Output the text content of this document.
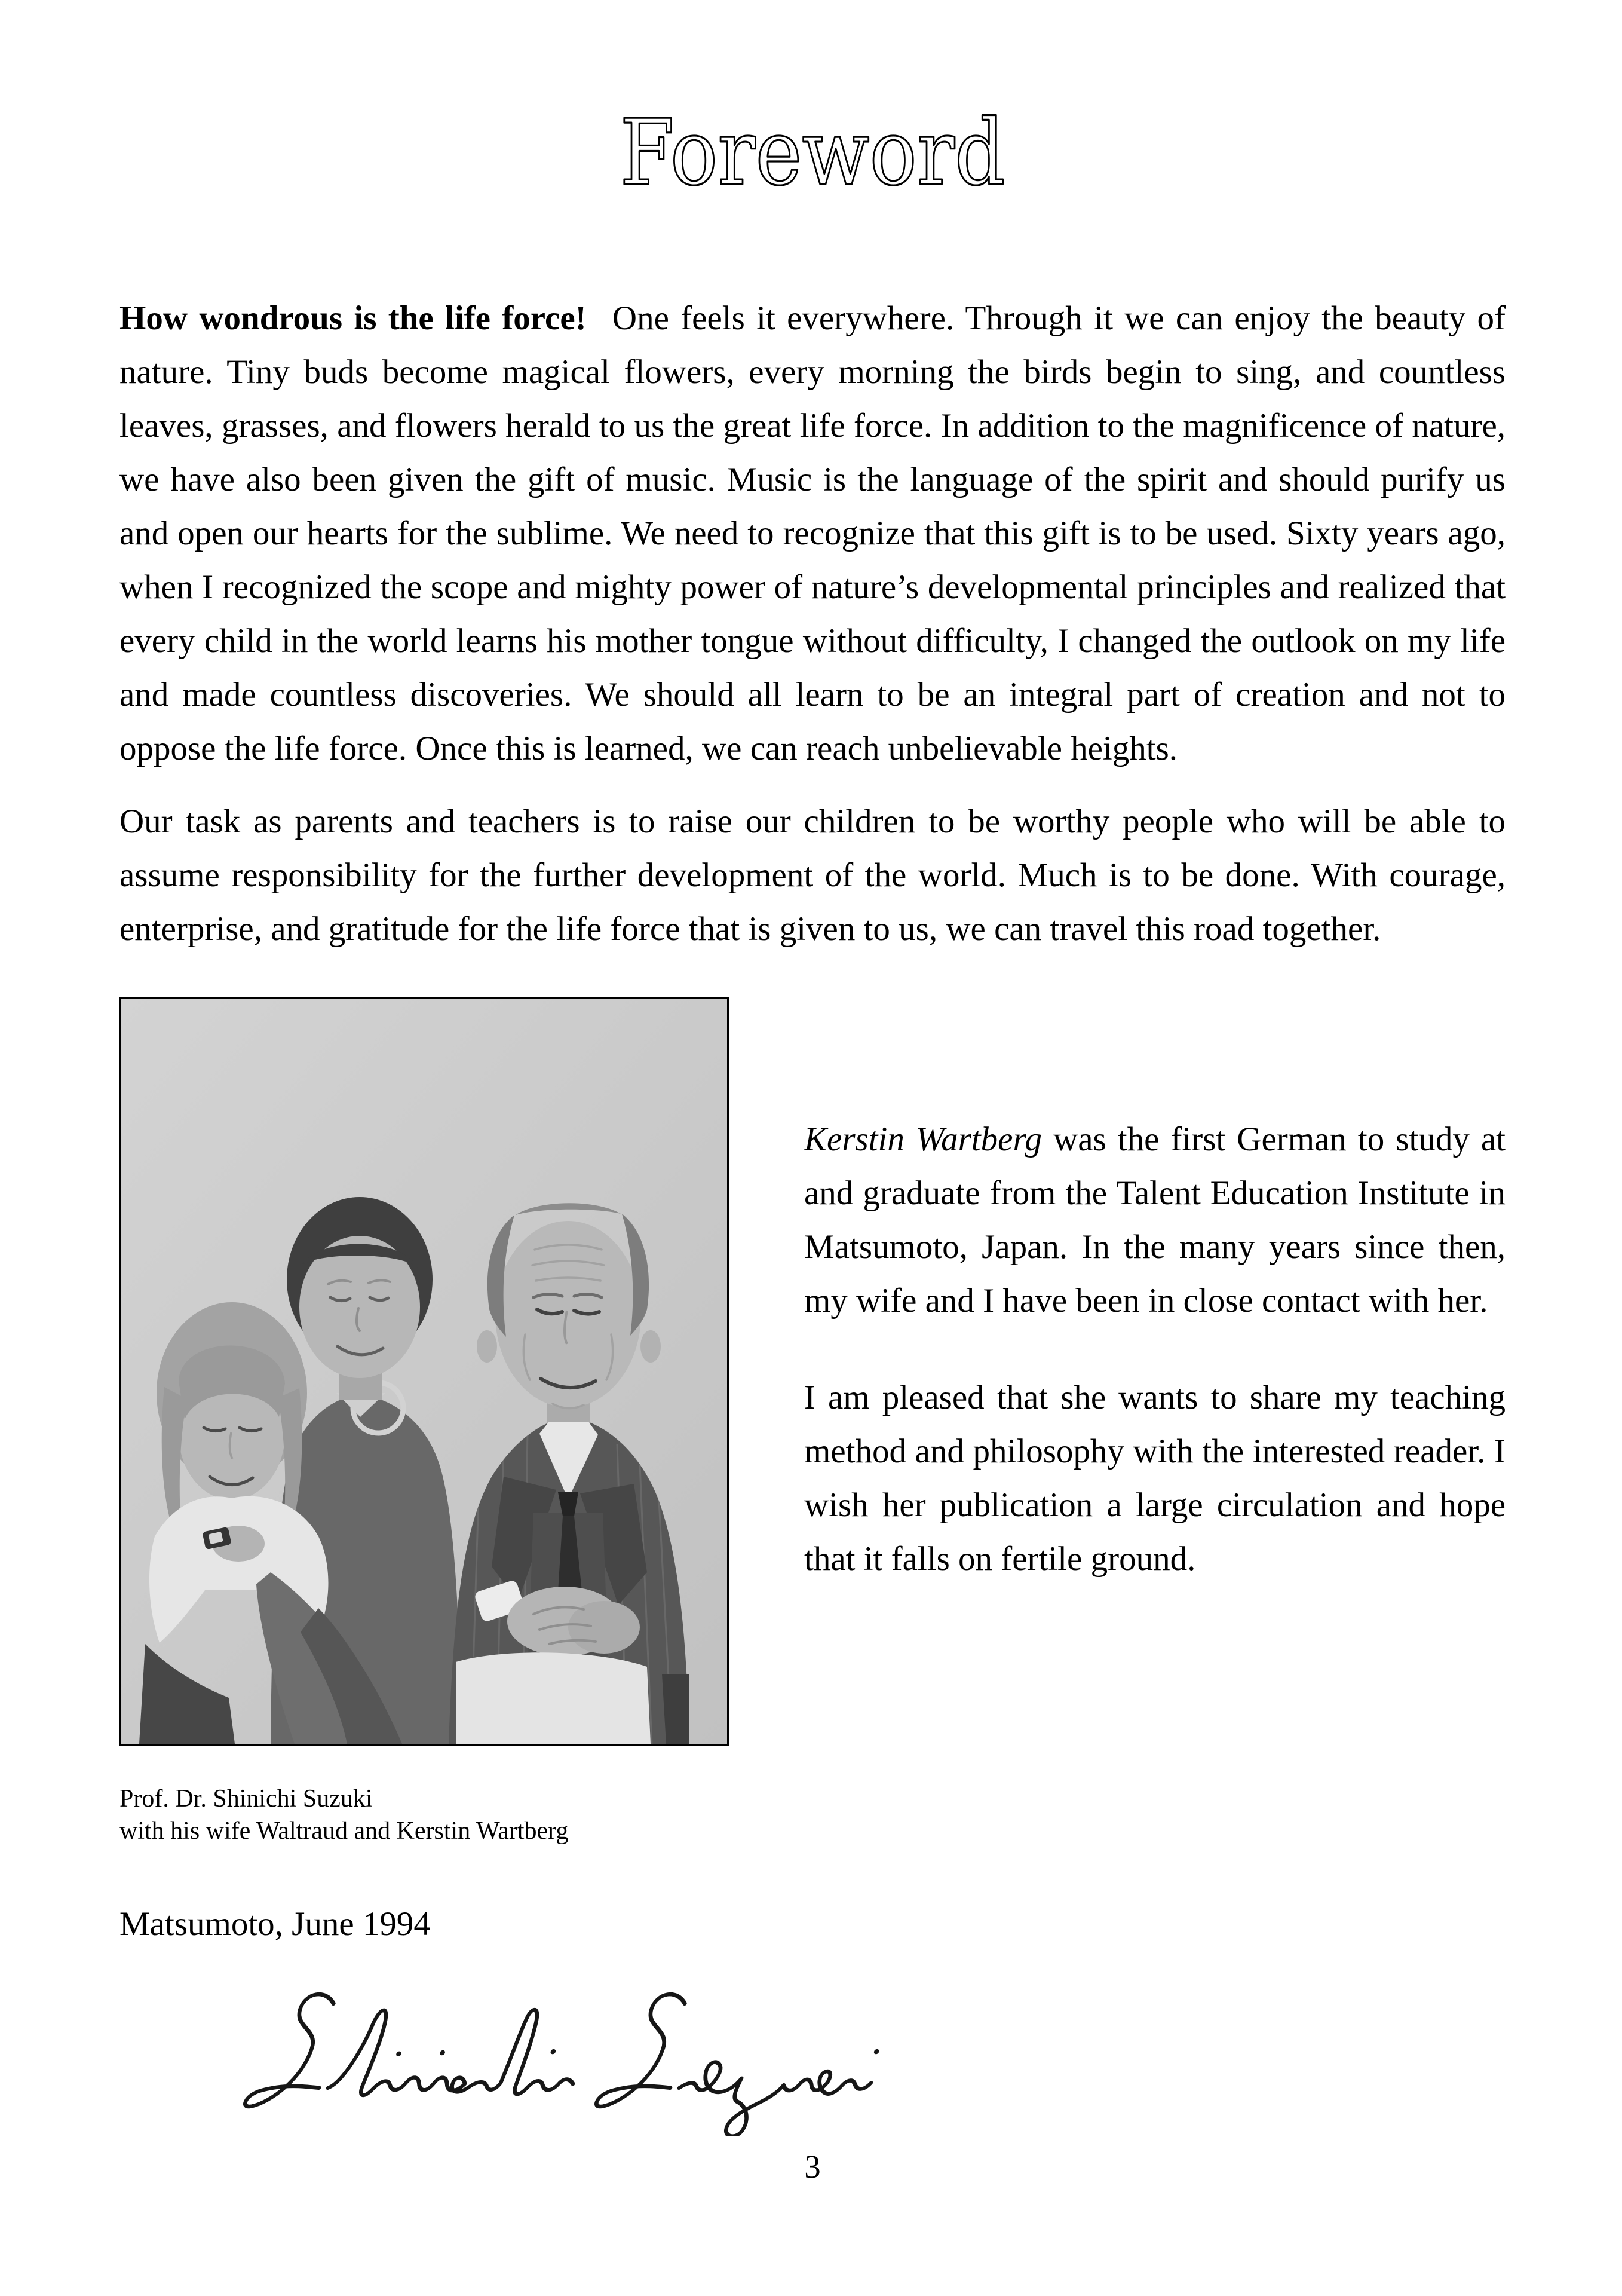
Foreword

How wondrous is the life force! One feels it everywhere. Through it we can enjoy the beauty of nature. Tiny buds become magical flowers, every morning the birds begin to sing, and countless leaves, grasses, and flowers herald to us the great life force. In addition to the magnificence of nature, we have also been given the gift of music. Music is the language of the spirit and should purify us and open our hearts for the sublime. We need to recognize that this gift is to be used. Sixty years ago, when I recognized the scope and mighty power of nature’s developmental principles and realized that every child in the world learns his mother tongue without difficulty, I changed the outlook on my life and made countless discoveries. We should all learn to be an integral part of creation and not to oppose the life force. Once this is learned, we can reach unbelievable heights.

Our task as parents and teachers is to raise our children to be worthy people who will be able to assume responsibility for the further development of the world. Much is to be done. With courage, enterprise, and gratitude for the life force that is given to us, we can travel this road together.

Prof. Dr. Shinichi Suzuki
with his wife Waltraud and Kerstin Wartberg

Kerstin Wartberg was the first German to study at and graduate from the Talent Education Institute in Matsumoto, Japan. In the many years since then, my wife and I have been in close contact with her.

I am pleased that she wants to share my teaching method and philosophy with the interested reader. I wish her publication a large circulation and hope that it falls on fertile ground.

Matsumoto, June 1994
3
